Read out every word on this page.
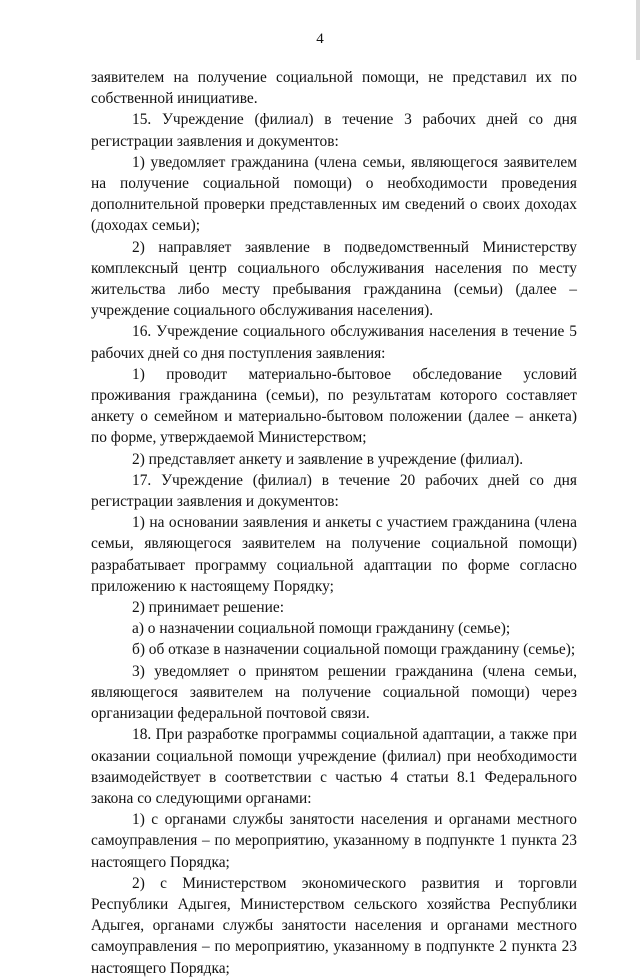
4

заявителем на получение социальной помощи, не представил их по собственной инициативе.

15. Учреждение (филиал) в течение 3 рабочих дней со дня регистрации заявления и документов:

1) уведомляет гражданина (члена семьи, являющегося заявителем на получение социальной помощи) о необходимости проведения дополнительной проверки представленных им сведений о своих доходах (доходах семьи);

2) направляет заявление в подведомственный Министерству комплексный центр социального обслуживания населения по месту жительства либо месту пребывания гражданина (семьи) (далее – учреждение социального обслуживания населения).

16. Учреждение социального обслуживания населения в течение 5 рабочих дней со дня поступления заявления:

1) проводит материально-бытовое обследование условий проживания гражданина (семьи), по результатам которого составляет анкету о семейном и материально-бытовом положении (далее – анкета) по форме, утверждаемой Министерством;

2) представляет анкету и заявление в учреждение (филиал).

17. Учреждение (филиал) в течение 20 рабочих дней со дня регистрации заявления и документов:

1) на основании заявления и анкеты с участием гражданина (члена семьи, являющегося заявителем на получение социальной помощи) разрабатывает программу социальной адаптации по форме согласно приложению к настоящему Порядку;

2) принимает решение:

а) о назначении социальной помощи гражданину (семье);

б) об отказе в назначении социальной помощи гражданину (семье);

3) уведомляет о принятом решении гражданина (члена семьи, являющегося заявителем на получение социальной помощи) через организации федеральной почтовой связи.

18. При разработке программы социальной адаптации, а также при оказании социальной помощи учреждение (филиал) при необходимости взаимодействует в соответствии с частью 4 статьи 8.1 Федерального закона со следующими органами:

1) с органами службы занятости населения и органами местного самоуправления – по мероприятию, указанному в подпункте 1 пункта 23 настоящего Порядка;

2) с Министерством экономического развития и торговли Республики Адыгея, Министерством сельского хозяйства Республики Адыгея, органами службы занятости населения и органами местного самоуправления – по мероприятию, указанному в подпункте 2 пункта 23 настоящего Порядка;
